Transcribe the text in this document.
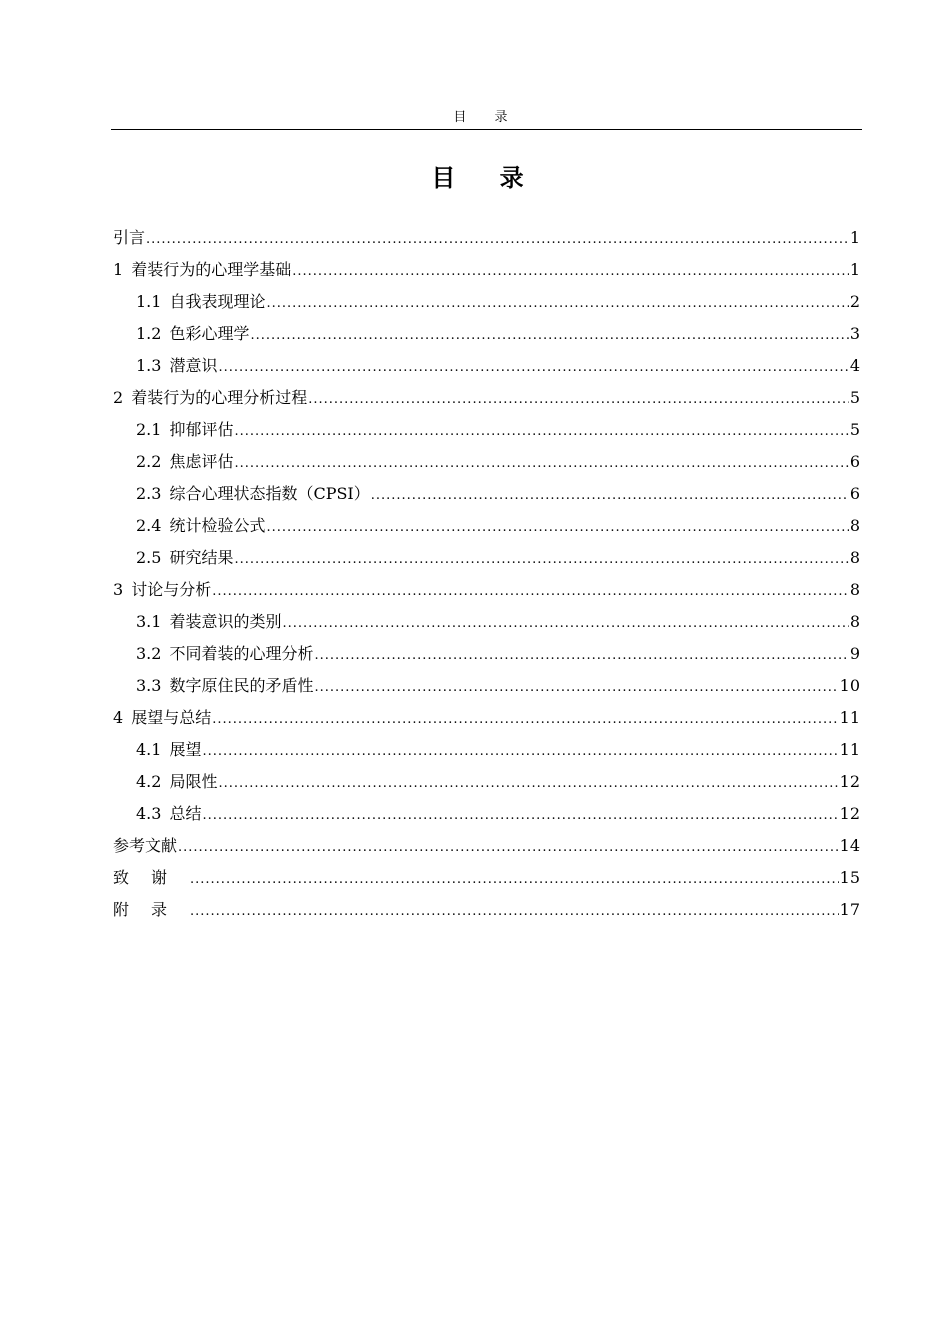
目 录
目 录
引言 .....	1
1 着装行为的心理学基础 .....	1
1.1 自我表现理论 .....	2
1.2 色彩心理学 .....	3
1.3 潜意识 .....	4
2 着装行为的心理分析过程 .....	5
2.1 抑郁评估 .....	5
2.2 焦虑评估 .....	6
2.3 综合心理状态指数（CPSI） .....	6
2.4 统计检验公式 .....	8
2.5 研究结果 .....	8
3 讨论与分析 .....	8
3.1 着装意识的类别 .....	8
3.2 不同着装的心理分析 .....	9
3.3 数字原住民的矛盾性 .....	10
4 展望与总结 .....	11
4.1 展望 .....	11
4.2 局限性 .....	12
4.3 总结 .....	12
参考文献 .....	14
致谢 .....	15
附录 .....	17
